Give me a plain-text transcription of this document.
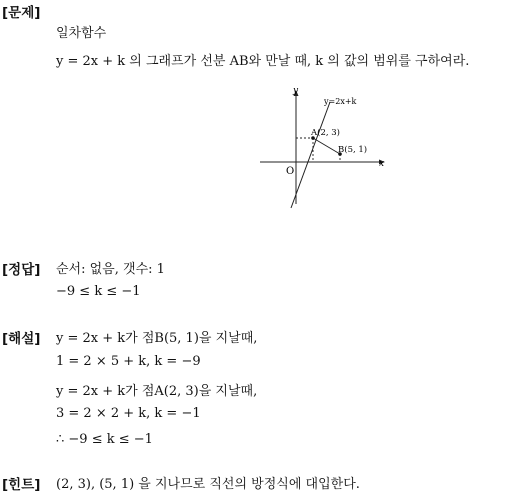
[문제]
일차함수
y = 2x + k 의 그래프가 선분 AB와 만날 때, k 의 값의 범위를 구하여라.
x
y
O
y=2x+k
A(2, 3)
B(5, 1)
[정답] 순서: 없음, 갯수: 1
−9 ≤ k ≤ −1
[해설] y = 2x + k가 점B(5, 1)을 지날때,
1 = 2 × 5 + k, k = −9
y = 2x + k가 점A(2, 3)을 지날때,
3 = 2 × 2 + k, k = −1
∴ −9 ≤ k ≤ −1
[힌트] (2, 3), (5, 1) 을 지나므로 직선의 방정식에 대입한다.
